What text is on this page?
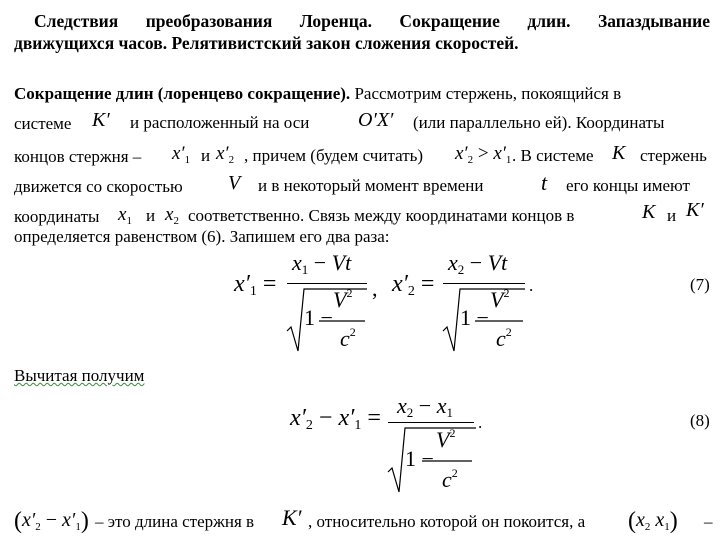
Следствия преобразования Лоренца. Сокращение длин. Запаздывание
движущихся часов. Релятивистский закон сложения скоростей.
Сокращение длин (лоренцево сокращение). Рассмотрим стержень, покоящийся в
системе K′ и расположенный на оси O′X′ (или параллельно ей). Координаты
концов стержня – $x'_1$ и $x'_2$ , причем (будем считать) $x'_2 > x'_1$ . В системе K стержень
движется со скоростью V и в некоторый момент времени	t его концы имеют
координаты $x_1$ и $x_2$ соответственно. Связь между координатами концов в	K и K′
определяется равенством (6). Запишем его два раза:
$x'_1$ =
$x_1 - Vt$
1 −
$V^2$
$c^2$
, $x'_2$ =
$x_2 - Vt$
1 −
$V^2$
$c^2$
.	(7)
Вычитая получим
$x'_2 - x'_1 = x_2 - x_1$
1 −
$V^2$
$c^2$
.	(8)
$(x'_2 - x'_1)$ – это длина стержня в K′ , относительно которой он покоится, а ($x_2$ $x_1$) –
